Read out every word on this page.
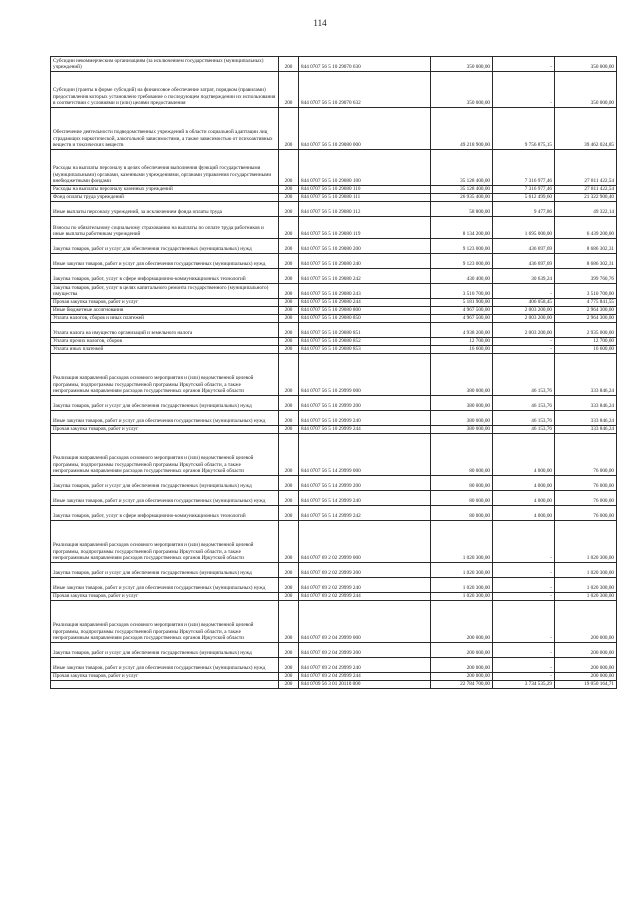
114
Субсидии некоммерческим организациям (за исключением государственных (муниципальных) учреждений)	200	844 0707 56 5 10 29070 630	350 000,00	-	350 000,00
Субсидии (гранты в форме субсидий) на финансовое обеспечение затрат, порядком (правилами) предоставления которых установлено требование о последующем подтверждении их использования в соответствии с условиями и (или) целями предоставления	200	844 0707 56 5 10 29070 632	350 000,00	-	350 000,00
Обеспечение деятельности подведомственных учреждений в области социальной адаптации лиц страдающих наркотической, алкогольной зависимостями, а также зависимостью от психоактивных веществ и токсических веществ	200	844 0707 56 5 10 29080 000	49 218 900,00	9 756 875,15	39 462 024,85
Расходы на выплаты персоналу в целях обеспечения выполнения функций государственными (муниципальными) органами, казенными учреждениями, органами управления государственными внебюджетными фондами	200	844 0707 56 5 10 29080 100	35 128 400,00	7 316 977,46	27 811 422,54
Расходы на выплаты персоналу казенных учреждений	200	844 0707 56 5 10 29080 110	35 128 400,00	7 316 977,46	27 811 422,54
Фонд оплаты труда учреждений	200	844 0707 56 5 10 29080 111	26 935 400,00	5 612 499,60	21 322 900,40
Иные выплаты персоналу учреждений, за исключением фонда оплаты труда	200	844 0707 56 5 10 29080 112	58 800,00	9 477,86	49 322,14
Взносы по обязательному социальному страхованию на выплаты по оплате труда работников и иные выплаты работникам учреждений	200	844 0707 56 5 10 29080 119	8 134 200,00	1 695 000,00	6 439 200,00
Закупка товаров, работ и услуг для обеспечения государственных (муниципальных) нужд	200	844 0707 56 5 10 29080 200	9 123 000,00	436 697,69	8 686 302,31
Иные закупки товаров, работ и услуг для обеспечения государственных (муниципальных) нужд	200	844 0707 56 5 10 29080 240	9 123 000,00	436 697,69	8 686 302,31
Закупка товаров, работ, услуг в сфере информационно-коммуникационных технологий	200	844 0707 56 5 10 29080 242	430 400,00	30 639,24	399 760,76
Закупка товаров, работ, услуг в целях капитального ремонта государственного (муниципального) имущества	200	844 0707 56 5 10 29080 243	3 510 700,00	-	3 510 700,00
Прочая закупка товаров, работ и услуг	200	844 0707 56 5 10 29080 244	5 181 900,00	406 058,45	4 775 841,55
Иные бюджетные ассигнования	200	844 0707 56 5 10 29080 800	4 967 500,00	2 003 200,00	2 964 300,00
Уплата налогов, сборов и иных платежей	200	844 0707 56 5 10 29080 850	4 967 500,00	2 003 200,00	2 964 300,00
Уплата налога на имущество организаций и земельного налога	200	844 0707 56 5 10 29080 851	4 938 200,00	2 003 200,00	2 935 000,00
Уплата прочих налогов, сборов	200	844 0707 56 5 10 29080 852	12 700,00	-	12 700,00
Уплата иных платежей	200	844 0707 56 5 10 29080 853	16 600,00	-	16 600,00
Реализация направлений расходов основного мероприятия и (или) ведомственной целевой программы, подпрограммы государственной программы Иркутской области, а также непрограммным направлениям расходов государственных органов Иркутской области	200	844 0707 56 5 10 29999 000	380 000,00	46 153,76	333 846,24
Закупка товаров, работ и услуг для обеспечения государственных (муниципальных) нужд	200	844 0707 56 5 10 29999 200	380 000,00	46 153,76	333 846,24
Иные закупки товаров, работ и услуг для обеспечения государственных (муниципальных) нужд	200	844 0707 56 5 10 29999 240	380 000,00	46 153,76	333 846,24
Прочая закупка товаров, работ и услуг	200	844 0707 56 5 10 29999 244	380 000,00	46 153,76	333 846,24
Реализация направлений расходов основного мероприятия и (или) ведомственной целевой программы, подпрограммы государственной программы Иркутской области, а также непрограммным направлениям расходов государственных органов Иркутской области	200	844 0707 56 5 14 29999 000	80 000,00	4 000,00	76 000,00
Закупка товаров, работ и услуг для обеспечения государственных (муниципальных) нужд	200	844 0707 56 5 14 29999 200	80 000,00	4 000,00	76 000,00
Иные закупки товаров, работ и услуг для обеспечения государственных (муниципальных) нужд	200	844 0707 56 5 14 29999 240	80 000,00	4 000,00	76 000,00
Закупка товаров, работ, услуг в сфере информационно-коммуникационных технологий	200	844 0707 56 5 14 29999 242	80 000,00	4 000,00	76 000,00
Реализация направлений расходов основного мероприятия и (или) ведомственной целевой программы, подпрограммы государственной программы Иркутской области, а также непрограммным направлениям расходов государственных органов Иркутской области	200	844 0707 69 2 02 29999 000	1 020 300,00	-	1 020 300,00
Закупка товаров, работ и услуг для обеспечения государственных (муниципальных) нужд	200	844 0707 69 2 02 29999 200	1 020 300,00	-	1 020 300,00
Иные закупки товаров, работ и услуг для обеспечения государственных (муниципальных) нужд	200	844 0707 69 2 02 29999 240	1 020 300,00	-	1 020 300,00
Прочая закупка товаров, работ и услуг	200	844 0707 69 2 02 29999 244	1 020 300,00	-	1 020 300,00
Реализация направлений расходов основного мероприятия и (или) ведомственной целевой программы, подпрограммы государственной программы Иркутской области, а также непрограммным направлениям расходов государственных органов Иркутской области	200	844 0707 69 2 04 29999 000	200 000,00	-	200 000,00
Закупка товаров, работ и услуг для обеспечения государственных (муниципальных) нужд	200	844 0707 69 2 04 29999 200	200 000,00	-	200 000,00
Иные закупки товаров, работ и услуг для обеспечения государственных (муниципальных) нужд	200	844 0707 69 2 04 29999 240	200 000,00	-	200 000,00
Прочая закупка товаров, работ и услуг	200	844 0707 69 2 04 29999 244	200 000,00	-	200 000,00
	200	844 0709 56 3 01 20110 000	22 784 700,00	3 734 535,29	19 050 164,71
